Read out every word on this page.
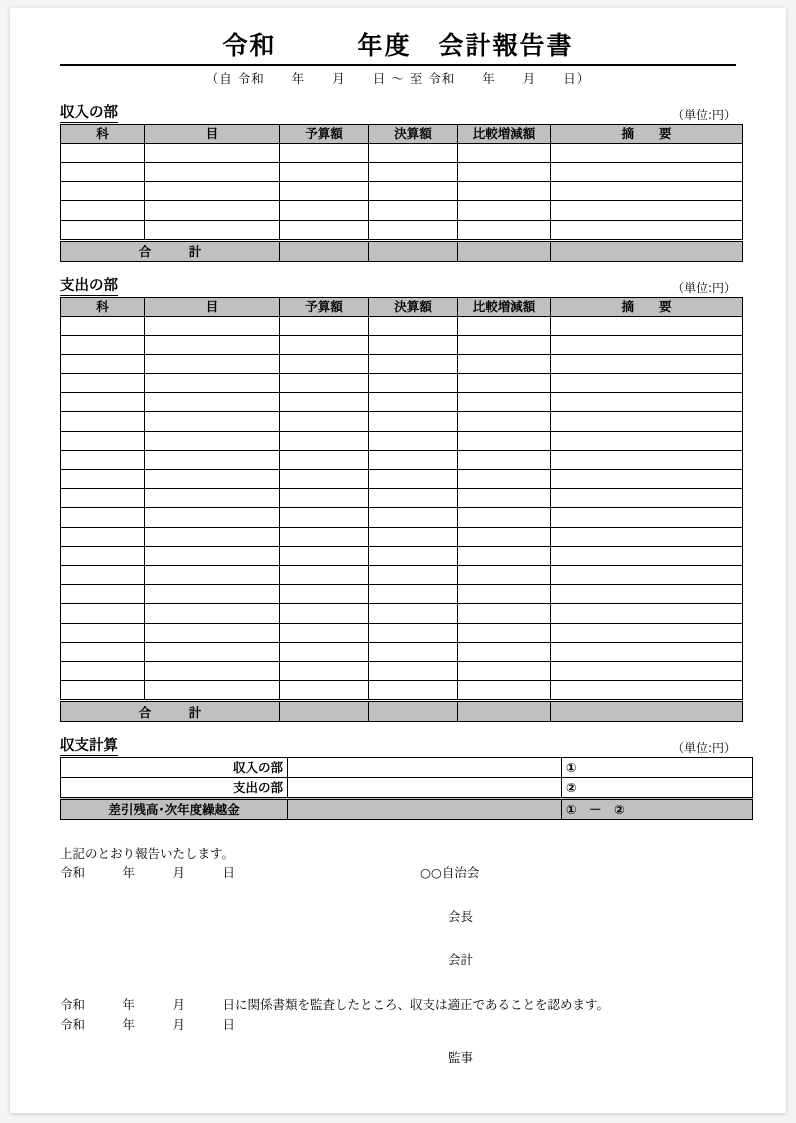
令和　　　年度　会計報告書
（自 令和　　年　　月　　日 ～ 至 令和　　年　　月　　日）
収入の部	（単位:円）
科	目	予算額	決算額	比較増減額	摘　　要

合　　　計					
支出の部	（単位:円）
科	目	予算額	決算額	比較増減額	摘　　要

合　　　計					
収支計算	（単位:円）
収入の部		①
支出の部		②
差引残高･次年度繰越金		①　－　②
上記のとおり報告いたします。
令和　　　年　　　月　　　日	○○自治会
会長
会計
令和　　　年　　　月　　　日に関係書類を監査したところ、収支は適正であることを認めます。
令和　　　年　　　月　　　日
監事
